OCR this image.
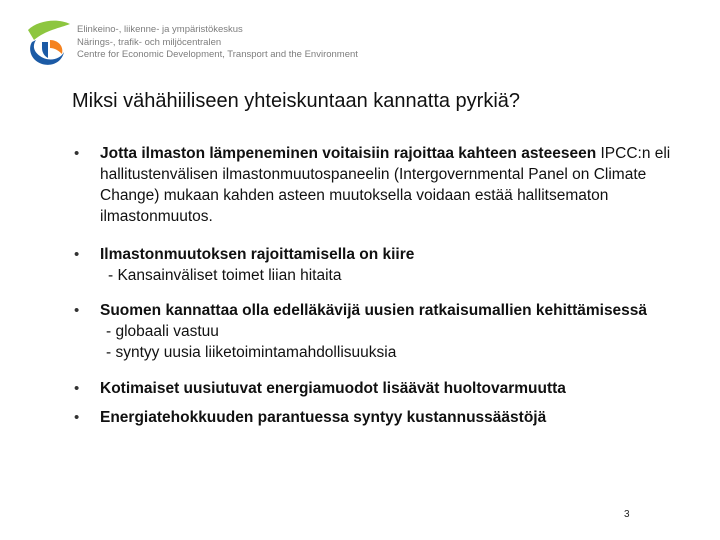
Elinkeino-, liikenne- ja ympäristökeskus
Närings-, trafik- och miljöcentralen
Centre for Economic Development, Transport and the Environment
Miksi vähähiiliseen yhteiskuntaan kannatta pyrkiä?
• Jotta ilmaston lämpeneminen voitaisiin rajoittaa kahteen asteeseen IPCC:n eli hallitustenvälisen ilmastonmuutospaneelin (Intergovernmental Panel on Climate Change) mukaan kahden asteen muutoksella voidaan estää hallitsematon ilmastonmuutos.
• Ilmastonmuutoksen rajoittamisella on kiire
- Kansainväliset toimet liian hitaita
• Suomen kannattaa olla edelläkävijä uusien ratkaisumallien kehittämisessä
- globaali vastuu
- syntyy uusia liiketoimintamahdollisuuksia
• Kotimaiset uusiutuvat energiamuodot lisäävät huoltovarmuutta
• Energiatehokkuuden parantuessa syntyy kustannussäästöjä
3
